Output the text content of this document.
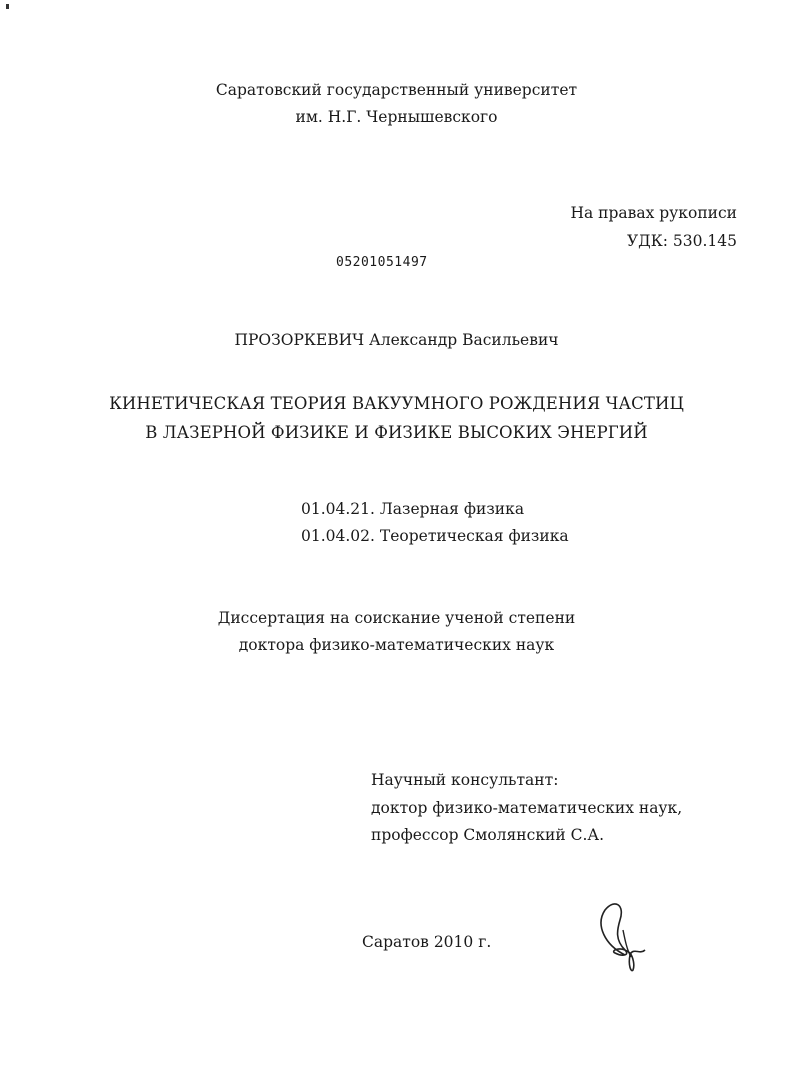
Саратовский государственный университет
им. Н.Г. Чернышевского
На правах рукописи
УДК: 530.145
05201051497
ПРОЗОРКЕВИЧ Александр Васильевич
КИНЕТИЧЕСКАЯ ТЕОРИЯ ВАКУУМНОГО РОЖДЕНИЯ ЧАСТИЦ
В ЛАЗЕРНОЙ ФИЗИКЕ И ФИЗИКЕ ВЫСОКИХ ЭНЕРГИЙ
01.04.21. Лазерная физика
01.04.02. Теоретическая физика
Диссертация на соискание ученой степени
доктора физико-математических наук
Научный консультант:
доктор физико-математических наук,
профессор Смолянский С.А.
Саратов 2010 г.
